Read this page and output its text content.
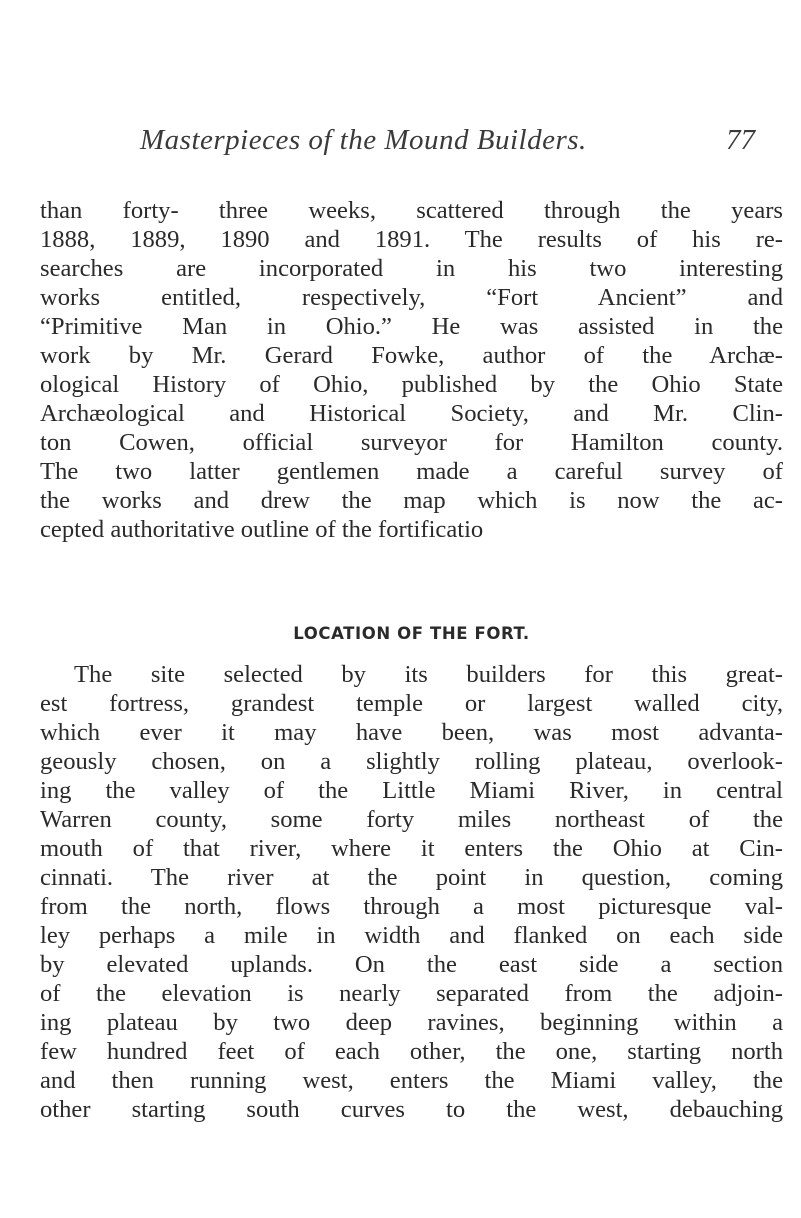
Masterpieces of the Mound Builders.	77
than forty- three weeks, scattered through the years
1888, 1889, 1890 and 1891. The results of his re-
searches are incorporated in his two interesting
works entitled, respectively, “Fort Ancient” and
“Primitive Man in Ohio.” He was assisted in the
work by Mr. Gerard Fowke, author of the Archæ-
ological History of Ohio, published by the Ohio State
Archæological and Historical Society, and Mr. Clin-
ton Cowen, official surveyor for Hamilton county.
The two latter gentlemen made a careful survey of
the works and drew the map which is now the ac-
cepted authoritative outline of the fortificatio
LOCATION OF THE FORT.
The site selected by its builders for this great-
est fortress, grandest temple or largest walled city,
which ever it may have been, was most advanta-
geously chosen, on a slightly rolling plateau, overlook-
ing the valley of the Little Miami River, in central
Warren county, some forty miles northeast of the
mouth of that river, where it enters the Ohio at Cin-
cinnati. The river at the point in question, coming
from the north, flows through a most picturesque val-
ley perhaps a mile in width and flanked on each side
by elevated uplands. On the east side a section
of the elevation is nearly separated from the adjoin-
ing plateau by two deep ravines, beginning within a
few hundred feet of each other, the one, starting north
and then running west, enters the Miami valley, the
other starting south curves to the west, debauching
